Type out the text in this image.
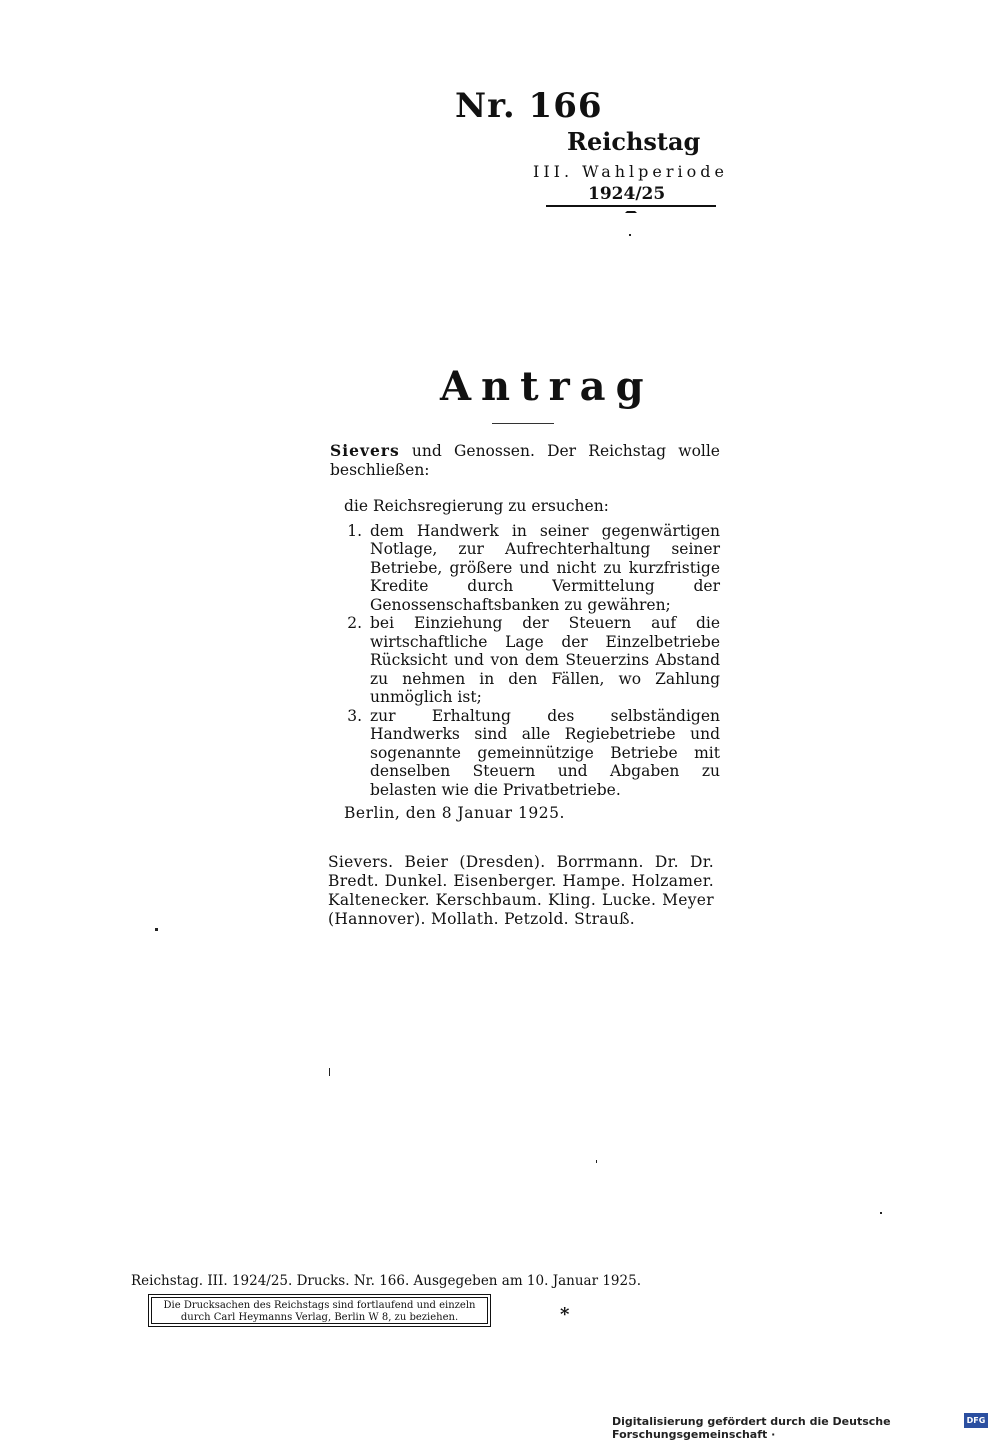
Nr. 166
Reichstag
III. Wahlperiode
1924/25
Antrag

Sievers und Genossen. Der Reichstag wolle beschließen:

die Reichsregierung zu ersuchen:
1. dem Handwerk in seiner gegenwärtigen Notlage, zur Aufrechterhaltung seiner Betriebe, größere und nicht zu kurzfristige Kredite durch Vermittelung der Genossenschaftsbanken zu gewähren;
2. bei Einziehung der Steuern auf die wirtschaftliche Lage der Einzelbetriebe Rücksicht und von dem Steuerzins Abstand zu nehmen in den Fällen, wo Zahlung unmöglich ist;
3. zur Erhaltung des selbständigen Handwerks sind alle Regiebetriebe und sogenannte gemeinnützige Betriebe mit denselben Steuern und Abgaben zu belasten wie die Privatbetriebe.
Berlin, den 8 Januar 1925.
Sievers. Beier (Dresden). Borrmann. Dr. Dr. Bredt. Dunkel. Eisenberger. Hampe. Holzamer. Kaltenecker. Kerschbaum. Kling. Lucke. Meyer (Hannover). Mollath. Petzold. Strauß.
Reichstag. III. 1924/25. Drucks. Nr. 166. Ausgegeben am 10. Januar 1925.
Die Drucksachen des Reichstags sind fortlaufend und einzeln
durch Carl Heymanns Verlag, Berlin W 8, zu beziehen.	*
Digitalisierung gefördert durch die Deutsche Forschungsgemeinschaft ·
DFG
